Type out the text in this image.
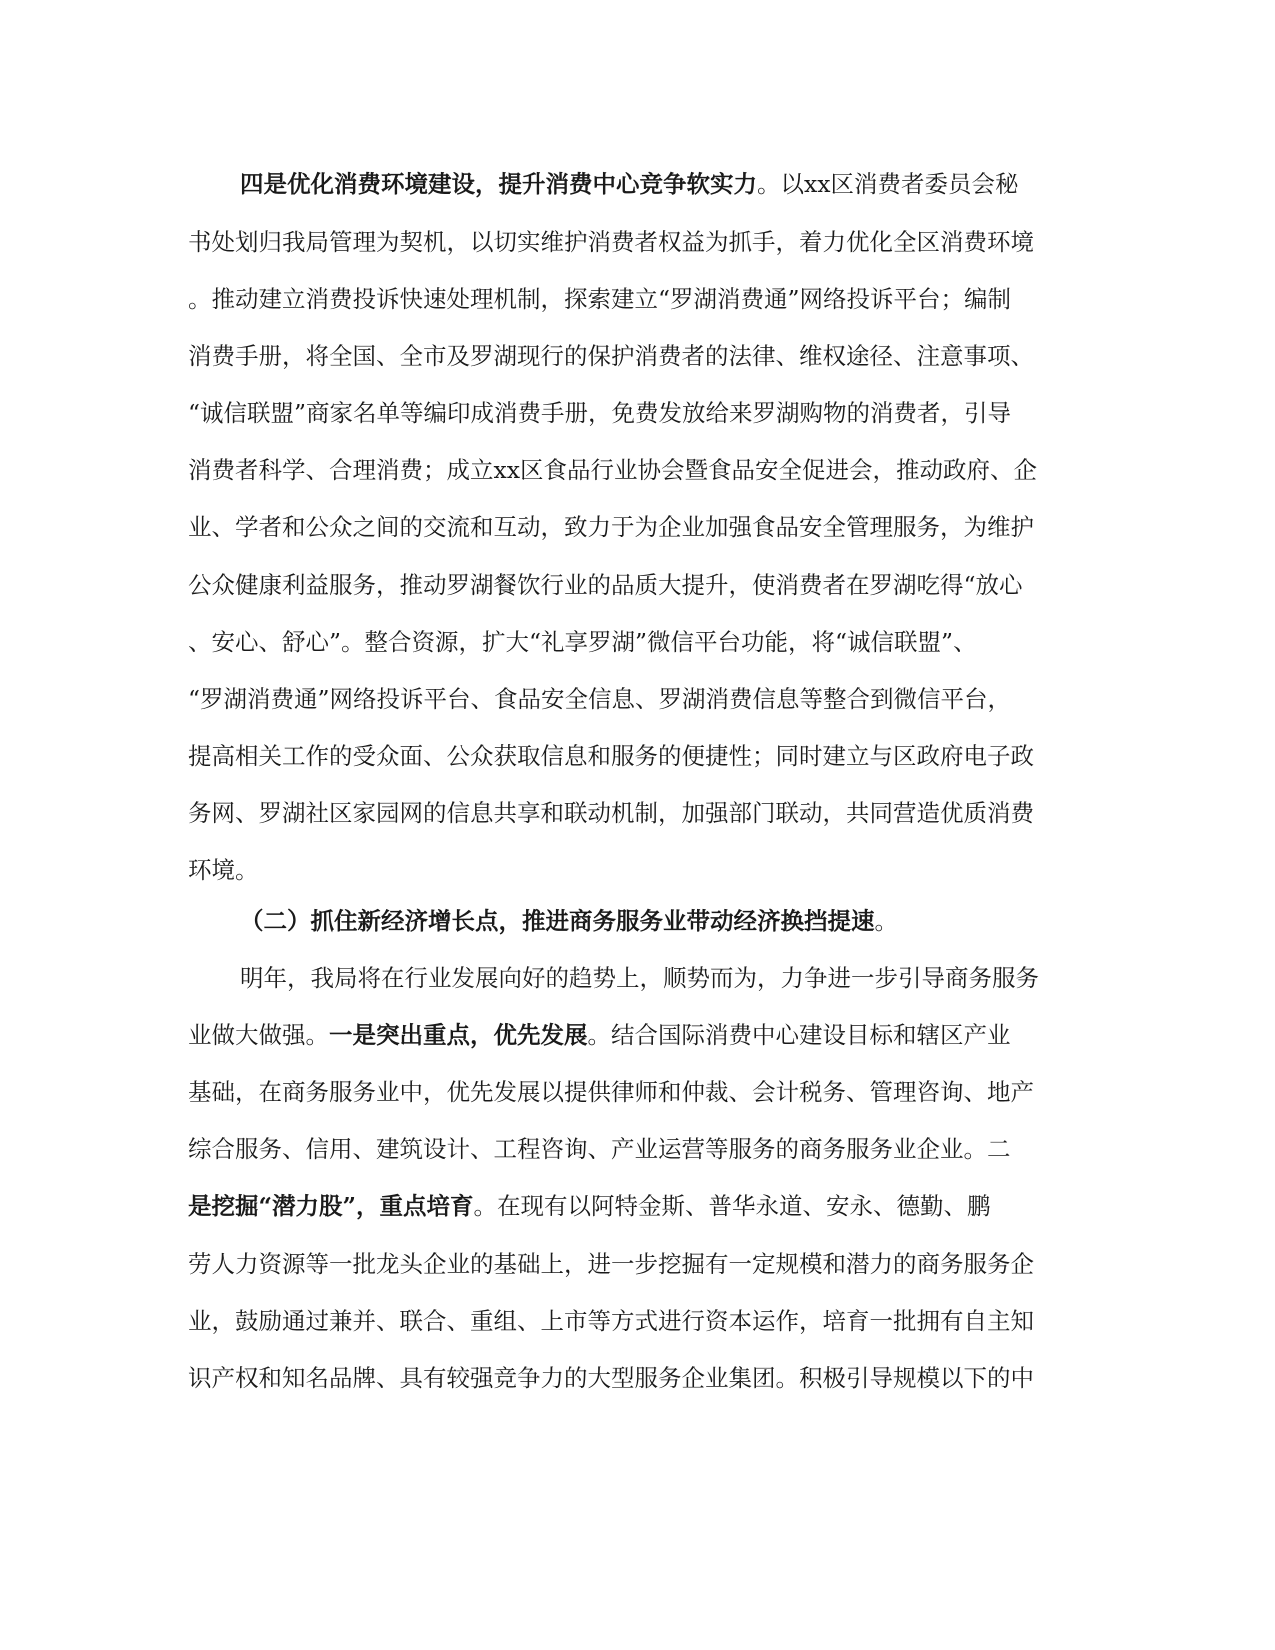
四是优化消费环境建设，提升消费中心竞争软实力。以xx区消费者委员会秘
书处划归我局管理为契机，以切实维护消费者权益为抓手，着力优化全区消费环境
。推动建立消费投诉快速处理机制，探索建立“罗湖消费通”网络投诉平台；编制
消费手册，将全国、全市及罗湖现行的保护消费者的法律、维权途径、注意事项、
“诚信联盟”商家名单等编印成消费手册，免费发放给来罗湖购物的消费者，引导
消费者科学、合理消费；成立xx区食品行业协会暨食品安全促进会，推动政府、企
业、学者和公众之间的交流和互动，致力于为企业加强食品安全管理服务，为维护
公众健康利益服务，推动罗湖餐饮行业的品质大提升，使消费者在罗湖吃得“放心
、安心、舒心”。整合资源，扩大“礼享罗湖”微信平台功能，将“诚信联盟”、
“罗湖消费通”网络投诉平台、食品安全信息、罗湖消费信息等整合到微信平台，
提高相关工作的受众面、公众获取信息和服务的便捷性；同时建立与区政府电子政
务网、罗湖社区家园网的信息共享和联动机制，加强部门联动，共同营造优质消费
环境。
（二）抓住新经济增长点，推进商务服务业带动经济换挡提速。
明年，我局将在行业发展向好的趋势上，顺势而为，力争进一步引导商务服务
业做大做强。一是突出重点，优先发展。结合国际消费中心建设目标和辖区产业
基础，在商务服务业中，优先发展以提供律师和仲裁、会计税务、管理咨询、地产
综合服务、信用、建筑设计、工程咨询、产业运营等服务的商务服务业企业。二
是挖掘“潜力股”，重点培育。在现有以阿特金斯、普华永道、安永、德勤、鹏
劳人力资源等一批龙头企业的基础上，进一步挖掘有一定规模和潜力的商务服务企
业，鼓励通过兼并、联合、重组、上市等方式进行资本运作，培育一批拥有自主知
识产权和知名品牌、具有较强竞争力的大型服务企业集团。积极引导规模以下的中
